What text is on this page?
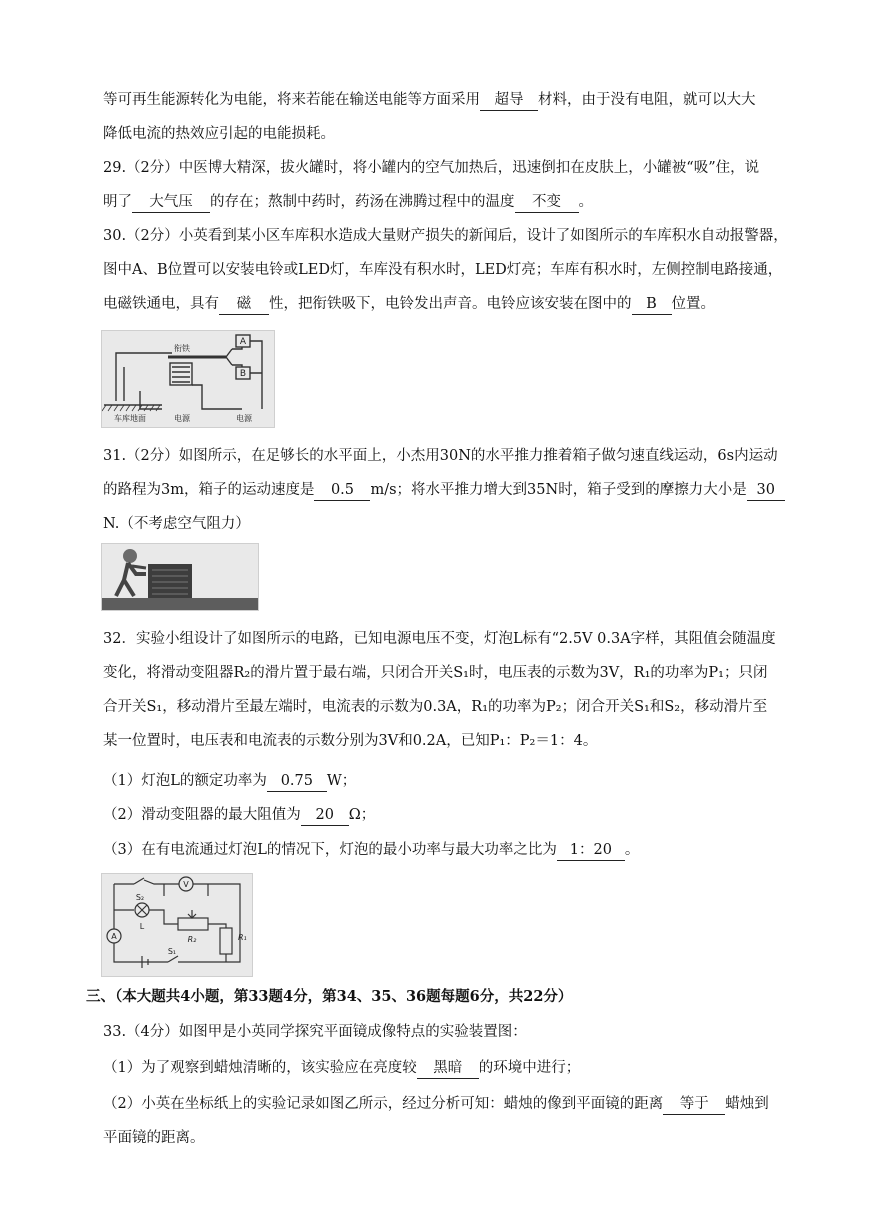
等可再生能源转化为电能，将来若能在输送电能等方面采用 超导 材料，由于没有电阻，就可以大大
降低电流的热效应引起的电能损耗。
29.（2分）中医博大精深，拔火罐时，将小罐内的空气加热后，迅速倒扣在皮肤上，小罐被“吸”住，说
明了 大气压 的存在；熬制中药时，药汤在沸腾过程中的温度 不变 。
30.（2分）小英看到某小区车库积水造成大量财产损失的新闻后，设计了如图所示的车库积水自动报警器，
图中A、B位置可以安装电铃或LED灯，车库没有积水时，LED灯亮；车库有积水时，左侧控制电路接通，
电磁铁通电，具有 磁 性，把衔铁吸下，电铃发出声音。电铃应该安装在图中的 B 位置。
衔铁
A
B
电源	电源
车库地面
31.（2分）如图所示，在足够长的水平面上，小杰用30N的水平推力推着箱子做匀速直线运动，6s内运动
的路程为3m，箱子的运动速度是 0.5 m/s；将水平推力增大到35N时，箱子受到的摩擦力大小是 30
N.（不考虑空气阻力）
32．实验小组设计了如图所示的电路，已知电源电压不变，灯泡L标有“2.5V 0.3A字样，其阻值会随温度
变化，将滑动变阻器R₂的滑片置于最右端，只闭合开关S₁时，电压表的示数为3V，R₁的功率为P₁；只闭
合开关S₁，移动滑片至最左端时，电流表的示数为0.3A，R₁的功率为P₂；闭合开关S₁和S₂，移动滑片至
某一位置时，电压表和电流表的示数分别为3V和0.2A，已知P₁：P₂＝1：4。
（1）灯泡L的额定功率为 0.75 W；
（2）滑动变阻器的最大阻值为 20 Ω；
（3）在有电流通过灯泡L的情况下，灯泡的最小功率与最大功率之比为 1：20 。
V
S₂
L
R₂	R₁
A
S₁
三、（本大题共4小题，第33题4分，第34、35、36题每题6分，共22分）
33.（4分）如图甲是小英同学探究平面镜成像特点的实验装置图：
（1）为了观察到蜡烛清晰的，该实验应在亮度较 黑暗 的环境中进行；
（2）小英在坐标纸上的实验记录如图乙所示，经过分析可知：蜡烛的像到平面镜的距离 等于 蜡烛到
平面镜的距离。
